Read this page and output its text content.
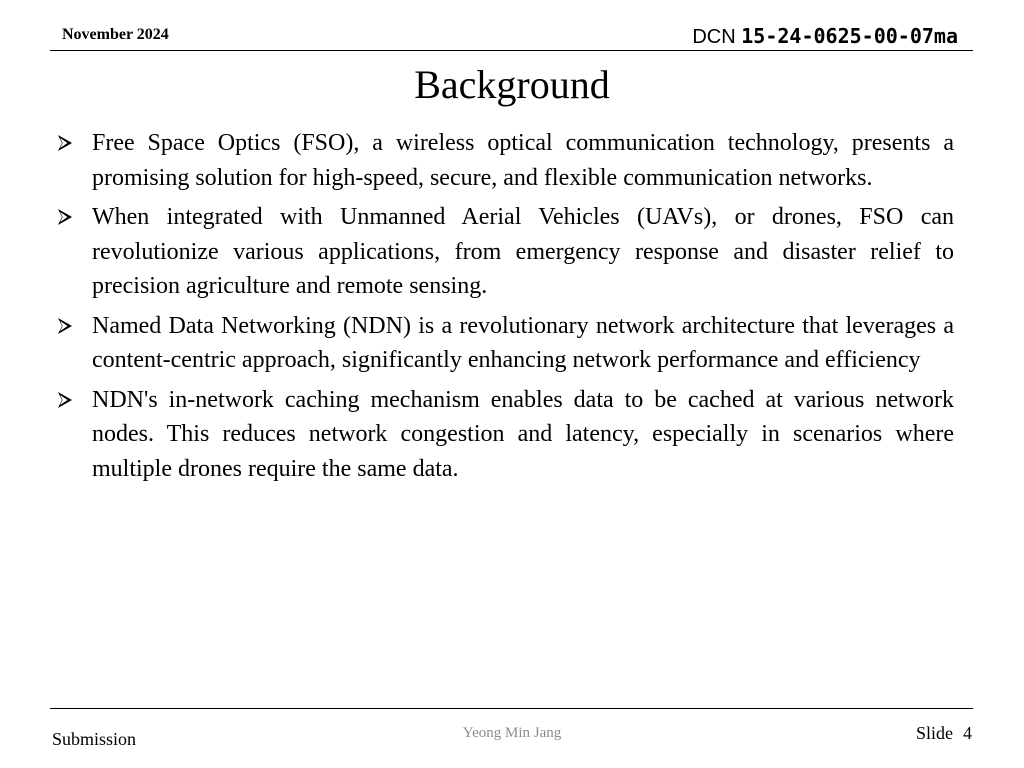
November 2024	DCN 15-24-0625-00-07ma
Background
Free Space Optics (FSO), a wireless optical communication technology, presents a promising solution for high-speed, secure, and flexible communication networks.
When integrated with Unmanned Aerial Vehicles (UAVs), or drones, FSO can revolutionize various applications, from emergency response and disaster relief to precision agriculture and remote sensing.
Named Data Networking (NDN) is a revolutionary network architecture that leverages a content-centric approach, significantly enhancing network performance and efficiency
NDN's in-network caching mechanism enables data to be cached at various network nodes. This reduces network congestion and latency, especially in scenarios where multiple drones require the same data.
Submission	Yeong Min Jang	Slide 4
